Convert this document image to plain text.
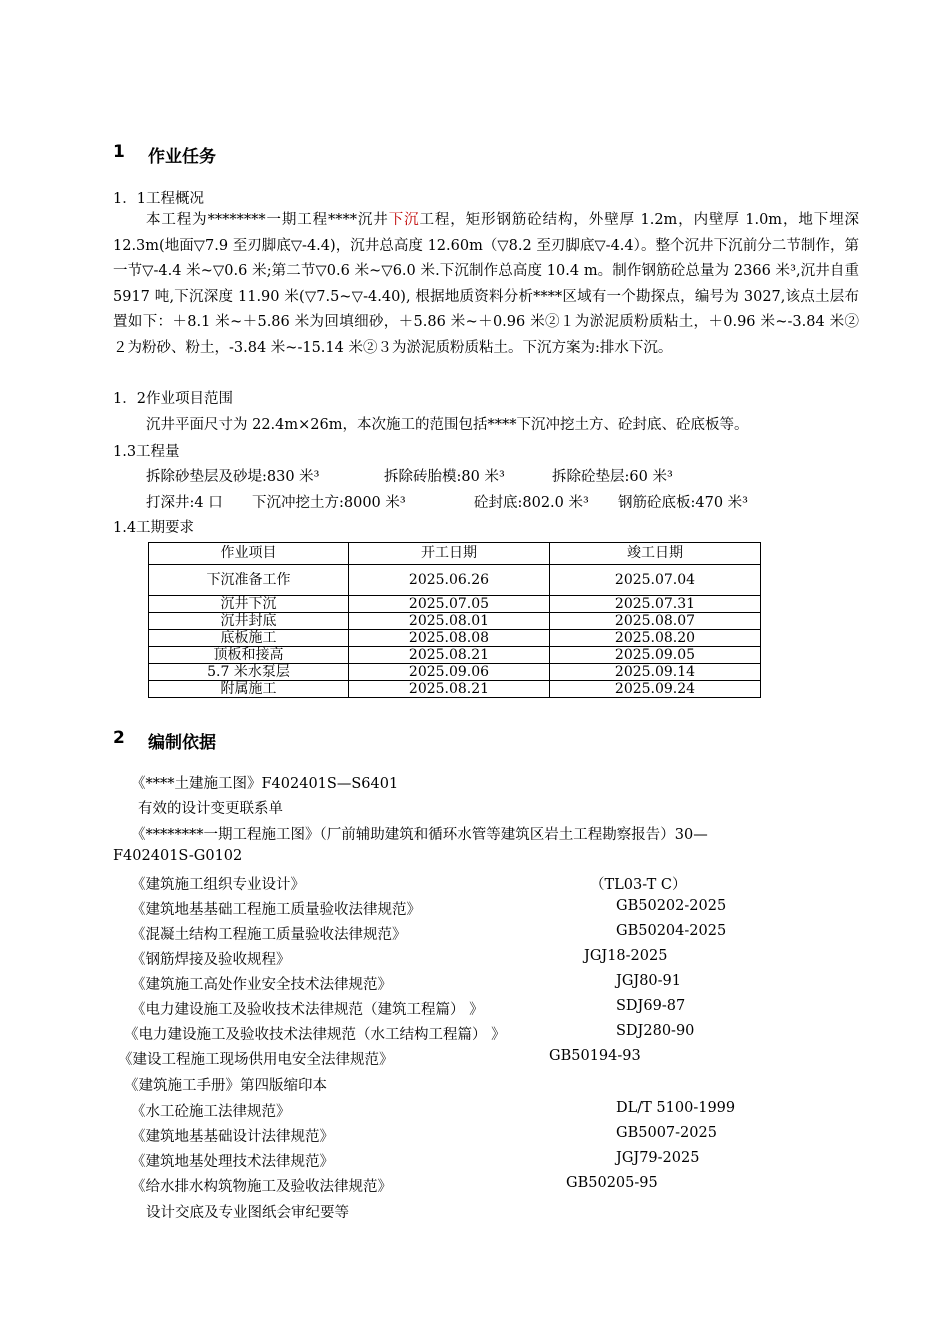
1 作业任务
1．1工程概况

本工程为********一期工程****沉井下沉工程，矩形钢筋砼结构，外壁厚 1.2m，内壁厚 1.0m，地下埋深 12.3m(地面▽7.9 至刃脚底▽-4.4)，沉井总高度 12.60m（▽8.2 至刃脚底▽-4.4）。整个沉井下沉前分二节制作，第一节▽-4.4 米~▽0.6 米;第二节▽0.6 米~▽6.0 米.下沉制作总高度 10.4 m。制作钢筋砼总量为 2366 米³,沉井自重 5917 吨,下沉深度 11.90 米(▽7.5~▽-4.40), 根据地质资料分析****区域有一个勘探点，编号为 3027,该点土层布置如下：＋8.1 米~＋5.86 米为回填细砂，＋5.86 米~＋0.96 米②１为淤泥质粉质粘土，＋0.96 米~-3.84 米②２为粉砂、粉土，-3.84 米~-15.14 米②３为淤泥质粉质粘土。下沉方案为:排水下沉。

1．2作业项目范围
沉井平面尺寸为 22.4m×26m，本次施工的范围包括****下沉冲挖土方、砼封底、砼底板等。
1.3工程量
拆除砂垫层及砂堤:830 米³	拆除砖胎模:80 米³	拆除砼垫层:60 米³
打深井:4 口 下沉冲挖土方:8000 米³	砼封底:802.0 米³ 钢筋砼底板:470 米³
1.4工期要求
作业项目	开工日期	竣工日期
下沉准备工作	2025.06.26	2025.07.04
沉井下沉	2025.07.05	2025.07.31
沉井封底	2025.08.01	2025.08.07
底板施工	2025.08.08	2025.08.20
顶板和接高	2025.08.21	2025.09.05
5.7 米水泵层	2025.09.06	2025.09.14
附属施工	2025.08.21	2025.09.24
2 编制依据
《****土建施工图》F402401S—S6401
有效的设计变更联系单
《********一期工程施工图》（厂前辅助建筑和循环水管等建筑区岩土工程勘察报告）30—
F402401S-G0102
《建筑施工组织专业设计》	（TL03-T C）
《建筑地基基础工程施工质量验收法律规范》	GB50202-2025
《混凝土结构工程施工质量验收法律规范》	GB50204-2025
《钢筋焊接及验收规程》	JGJ18-2025
《建筑施工高处作业安全技术法律规范》	JGJ80-91
《电力建设施工及验收技术法律规范（建筑工程篇） 》	SDJ69-87
《电力建设施工及验收技术法律规范（水工结构工程篇） 》	SDJ280-90
《建设工程施工现场供用电安全法律规范》	GB50194-93
《建筑施工手册》第四版缩印本
《水工砼施工法律规范》	DL/T 5100-1999
《建筑地基基础设计法律规范》	GB5007-2025
《建筑地基处理技术法律规范》	JGJ79-2025
《给水排水构筑物施工及验收法律规范》	GB50205-95
设计交底及专业图纸会审纪要等
